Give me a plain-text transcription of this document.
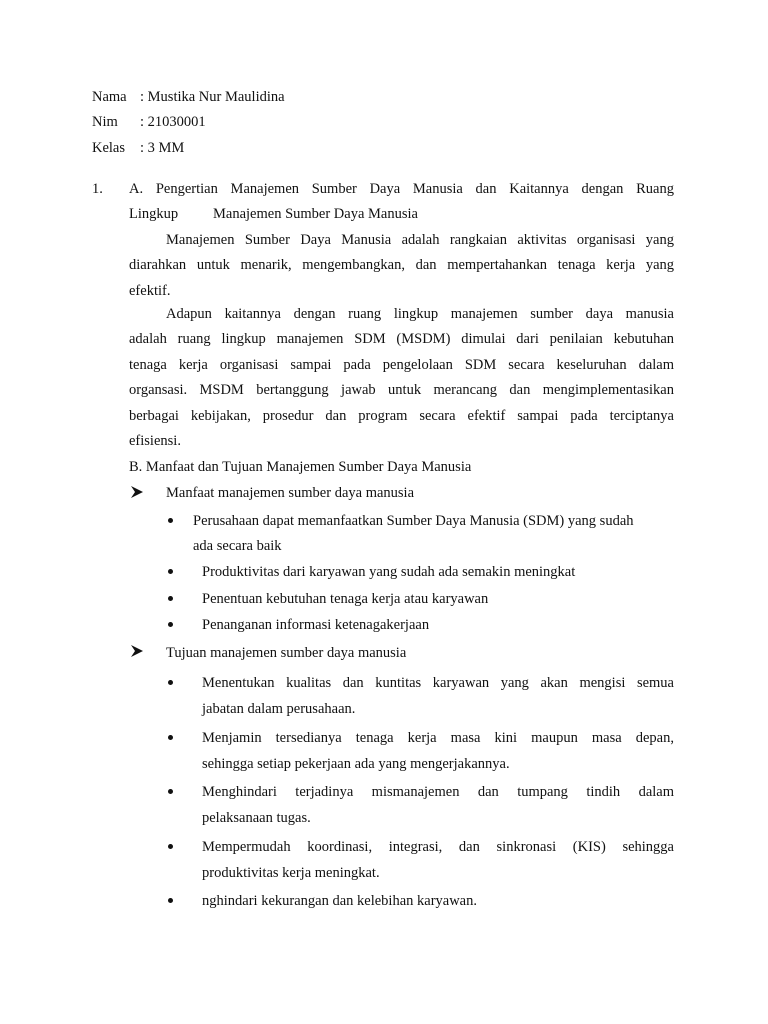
Nama : Mustika Nur Maulidina
Nim : 21030001
Kelas : 3 MM
1. A. Pengertian Manajemen Sumber Daya Manusia dan Kaitannya dengan Ruang
Lingkup Manajemen Sumber Daya Manusia
Manajemen Sumber Daya Manusia adalah rangkaian aktivitas organisasi yang
diarahkan untuk menarik, mengembangkan, dan mempertahankan tenaga kerja yang
efektif.
Adapun kaitannya dengan ruang lingkup manajemen sumber daya manusia
adalah ruang lingkup manajemen SDM (MSDM) dimulai dari penilaian kebutuhan
tenaga kerja organisasi sampai pada pengelolaan SDM secara keseluruhan dalam
organsasi. MSDM bertanggung jawab untuk merancang dan mengimplementasikan
berbagai kebijakan, prosedur dan program secara efektif sampai pada terciptanya
efisiensi.
B. Manfaat dan Tujuan Manajemen Sumber Daya Manusia
Manfaat manajemen sumber daya manusia
Perusahaan dapat memanfaatkan Sumber Daya Manusia (SDM) yang sudah
ada secara baik
Produktivitas dari karyawan yang sudah ada semakin meningkat
Penentuan kebutuhan tenaga kerja atau karyawan
Penanganan informasi ketenagakerjaan
Tujuan manajemen sumber daya manusia
Menentukan kualitas dan kuntitas karyawan yang akan mengisi semua
jabatan dalam perusahaan.
Menjamin tersedianya tenaga kerja masa kini maupun masa depan,
sehingga setiap pekerjaan ada yang mengerjakannya.
Menghindari terjadinya mismanajemen dan tumpang tindih dalam
pelaksanaan tugas.
Mempermudah koordinasi, integrasi, dan sinkronasi (KIS) sehingga
produktivitas kerja meningkat.
nghindari kekurangan dan kelebihan karyawan.
